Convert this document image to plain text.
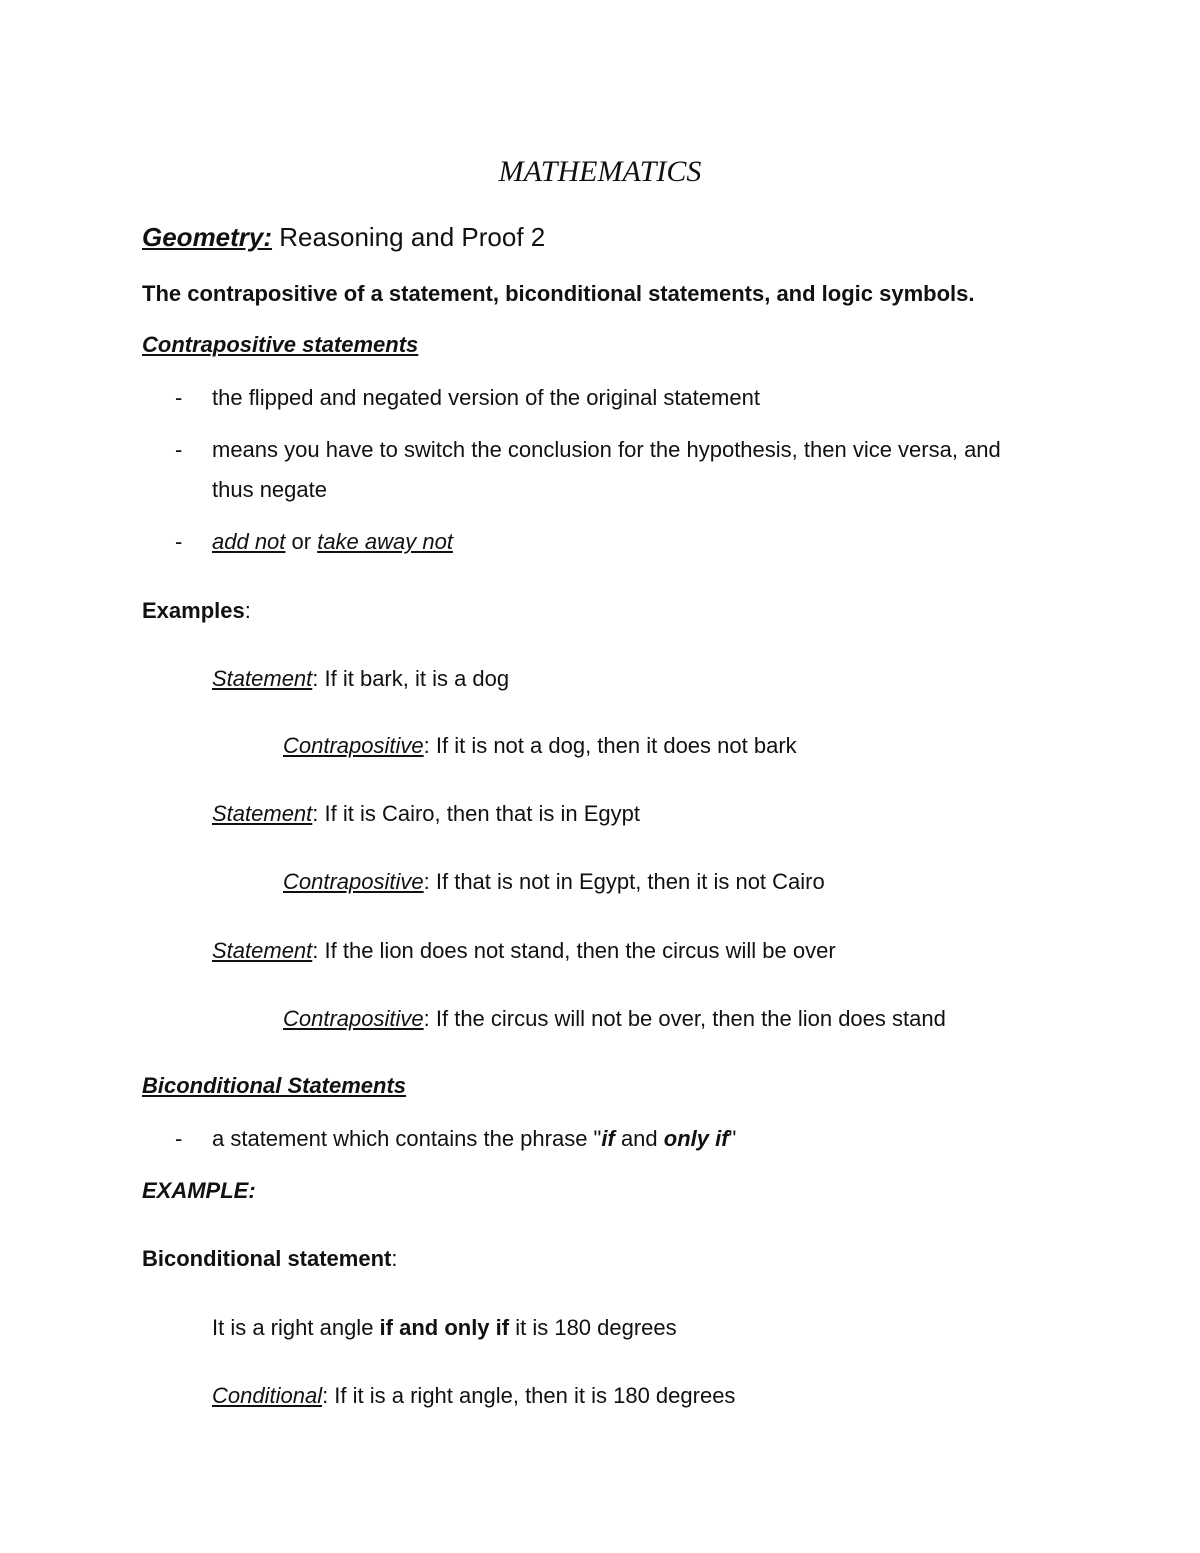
MATHEMATICS
Geometry: Reasoning and Proof 2
The contrapositive of a statement, biconditional statements, and logic symbols.
Contrapositive statements
- the flipped and negated version of the original statement
- means you have to switch the conclusion for the hypothesis, then vice versa, and
thus negate
- add not or take away not
Examples:
Statement: If it bark, it is a dog
Contrapositive: If it is not a dog, then it does not bark
Statement: If it is Cairo, then that is in Egypt
Contrapositive: If that is not in Egypt, then it is not Cairo
Statement: If the lion does not stand, then the circus will be over
Contrapositive: If the circus will not be over, then the lion does stand
Biconditional Statements
- a statement which contains the phrase "if and only if"
EXAMPLE:
Biconditional statement:
It is a right angle if and only if it is 180 degrees
Conditional: If it is a right angle, then it is 180 degrees
